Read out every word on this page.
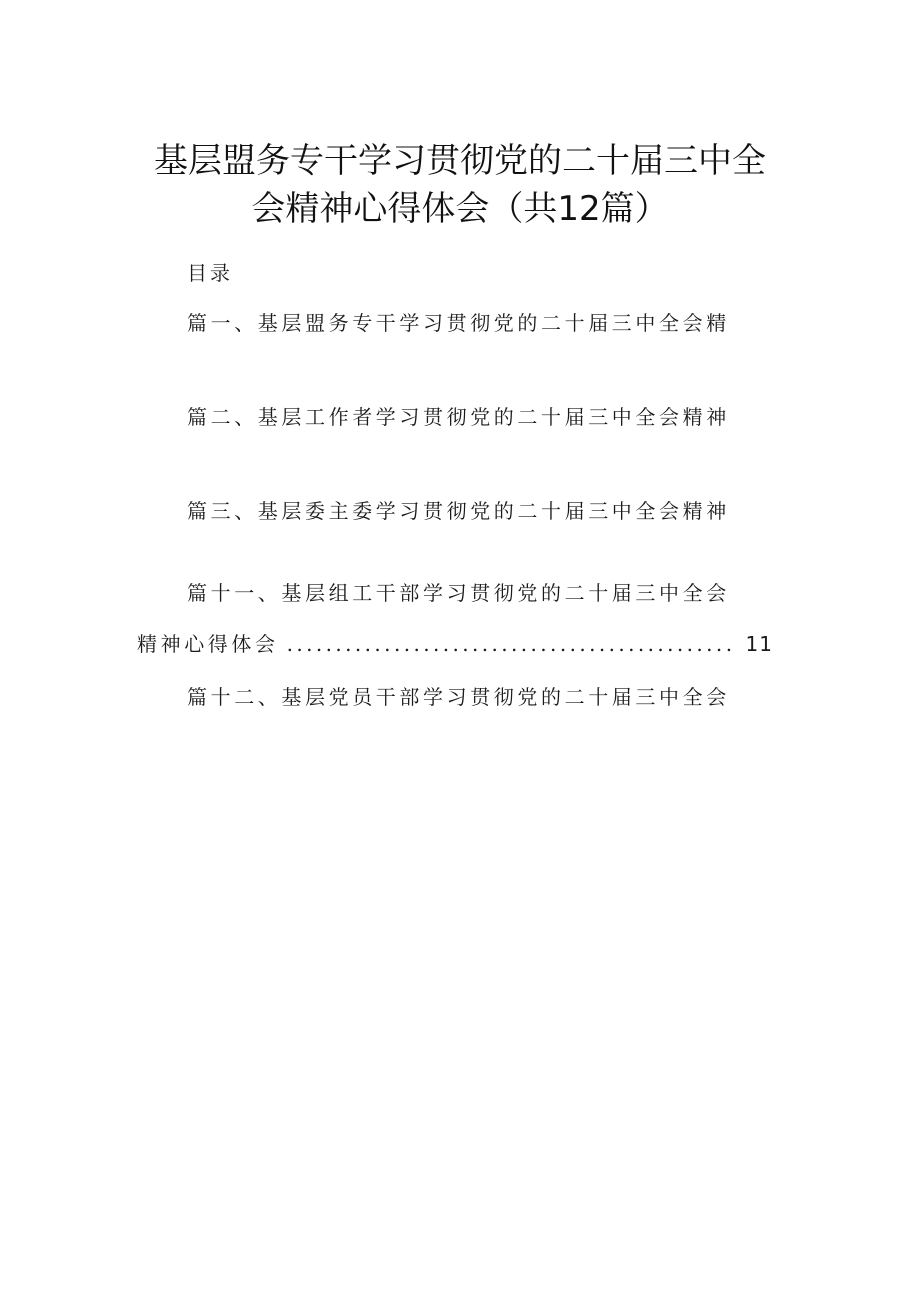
基层盟务专干学习贯彻党的二十届三中全
会精神心得体会（共12篇）
目录
篇一、基层盟务专干学习贯彻党的二十届三中全会精
篇二、基层工作者学习贯彻党的二十届三中全会精神
篇三、基层委主委学习贯彻党的二十届三中全会精神
篇十一、基层组工干部学习贯彻党的二十届三中全会
精神心得体会 .............................................. 11
篇十二、基层党员干部学习贯彻党的二十届三中全会
